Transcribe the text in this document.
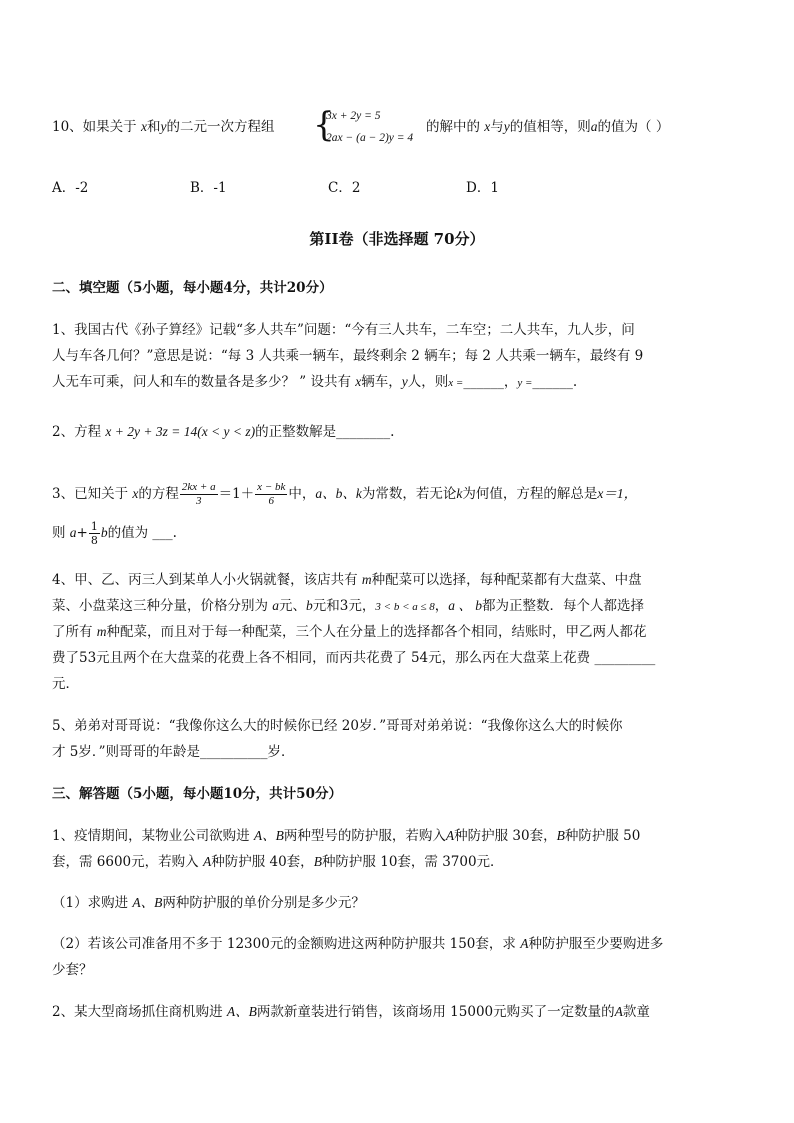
10、如果关于 x和y的二元一次方程组 {
3x + 2y = 5
2ax − (a − 2)y = 4
的解中的 x与y的值相等，则a的值为（ ）
A．-2	B．-1	C．2	D．1
第II卷（非选择题 70分）
二、填空题（5小题，每小题4分，共计20分）
1、我国古代《孙子算经》记载“多人共车”问题：“今有三人共车，二车空；二人共车，九人步，问
人与车各几何？”意思是说：“每 3 人共乘一辆车，最终剩余 2 辆车；每 2 人共乘一辆车，最终有 9
人无车可乘，问人和车的数量各是多少？ ” 设共有 x辆车，y人，则x =______，y =______.
2、方程 x + 2y + 3z = 14(x < y < z)的正整数解是________.
3、已知关于 x的方程 $\frac{2kx + a}{3} =1+ \frac{x - bk}{6}$ 中，a、b、k为常数，若无论k为何值，方程的解总是x＝1，
则 $a+ \frac{1}{8}$ b的值为 ___.
4、甲、乙、丙三人到某单人小火锅就餐，该店共有 m种配菜可以选择，每种配菜都有大盘菜、中盘
菜、小盘菜这三种分量，价格分别为 a元、b元和3元，3 < b < a ≤ 8，a 、 b都为正整数．每个人都选择
了所有 m种配菜，而且对于每一种配菜，三个人在分量上的选择都各个相同，结账时，甲乙两人都花
费了53元且两个在大盘菜的花费上各不相同，而丙共花费了 54元，那么丙在大盘菜上花费 _________
元．
5、弟弟对哥哥说：“我像你这么大的时候你已经 20岁．”哥哥对弟弟说：“我像你这么大的时候你
才 5岁．”则哥哥的年龄是__________岁．
三、解答题（5小题，每小题10分，共计50分）
1、疫情期间，某物业公司欲购进 A、B两种型号的防护服，若购入A种防护服 30套，B种防护服 50
套，需 6600元，若购入 A种防护服 40套，B种防护服 10套，需 3700元．
（1）求购进 A、B两种防护服的单价分别是多少元？
（2）若该公司准备用不多于 12300元的金额购进这两种防护服共 150套，求 A种防护服至少要购进多
少套？
2、某大型商场抓住商机购进 A、B两款新童装进行销售，该商场用 15000元购买了一定数量的A款童
